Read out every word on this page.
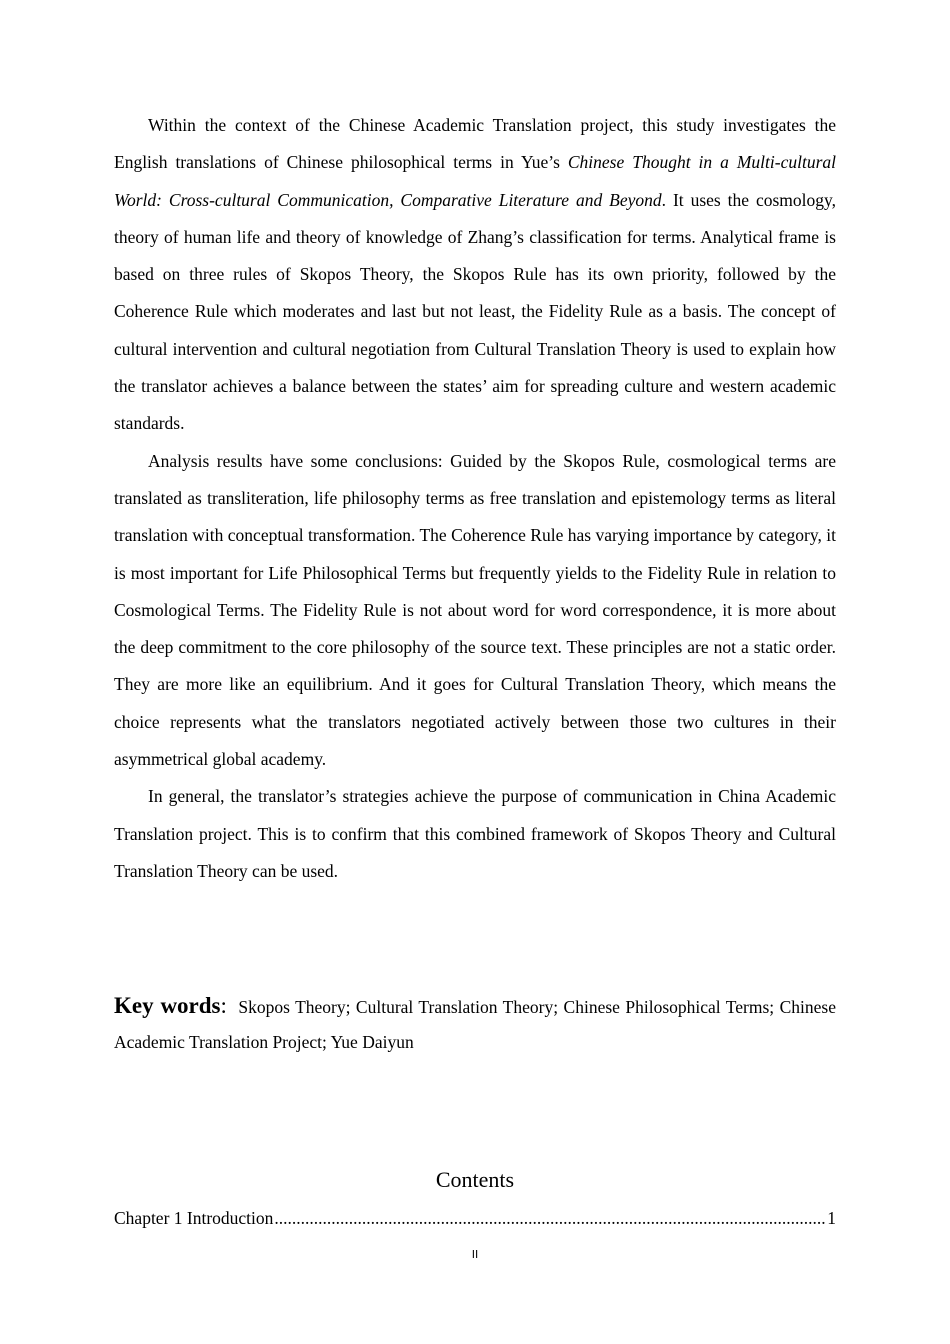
Within the context of the Chinese Academic Translation project, this study investigates the English translations of Chinese philosophical terms in Yue’s Chinese Thought in a Multi-cultural World: Cross-cultural Communication, Comparative Literature and Beyond. It uses the cosmology, theory of human life and theory of knowledge of Zhang’s classification for terms. Analytical frame is based on three rules of Skopos Theory, the Skopos Rule has its own priority, followed by the Coherence Rule which moderates and last but not least, the Fidelity Rule as a basis. The concept of cultural intervention and cultural negotiation from Cultural Translation Theory is used to explain how the translator achieves a balance between the states’ aim for spreading culture and western academic standards.

Analysis results have some conclusions: Guided by the Skopos Rule, cosmological terms are translated as transliteration, life philosophy terms as free translation and epistemology terms as literal translation with conceptual transformation. The Coherence Rule has varying importance by category, it is most important for Life Philosophical Terms but frequently yields to the Fidelity Rule in relation to Cosmological Terms. The Fidelity Rule is not about word for word correspondence, it is more about the deep commitment to the core philosophy of the source text. These principles are not a static order. They are more like an equilibrium. And it goes for Cultural Translation Theory, which means the choice represents what the translators negotiated actively between those two cultures in their asymmetrical global academy.

In general, the translator’s strategies achieve the purpose of communication in China Academic Translation project. This is to confirm that this combined framework of Skopos Theory and Cultural Translation Theory can be used.

Key words: Skopos Theory; Cultural Translation Theory; Chinese Philosophical Terms; Chinese Academic Translation Project; Yue Daiyun

Contents
Chapter 1 Introduction
.....	1
II
